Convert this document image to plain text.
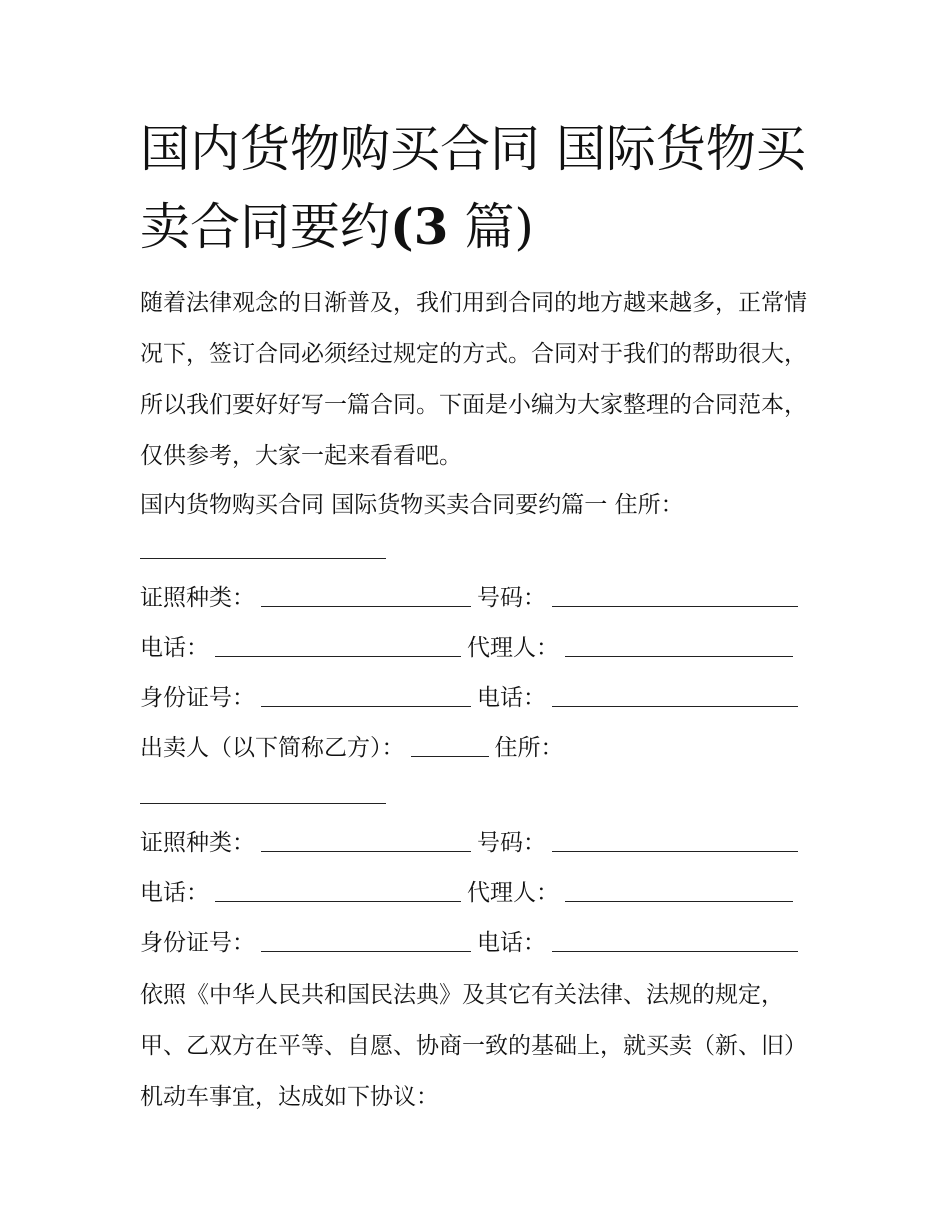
国内货物购买合同 国际货物买卖合同要约(3 篇)

随着法律观念的日渐普及，我们用到合同的地方越来越多，正常情况下，签订合同必须经过规定的方式。合同对于我们的帮助很大，所以我们要好好写一篇合同。下面是小编为大家整理的合同范本，仅供参考，大家一起来看看吧。

国内货物购买合同 国际货物买卖合同要约篇一 住所：
证照种类：	号码：
电话：	代理人：
身份证号：	电话：
出卖人（以下简称乙方）：	住所：
证照种类：	号码：
电话：	代理人：
身份证号：	电话：

依照《中华人民共和国民法典》及其它有关法律、法规的规定，甲、乙双方在平等、自愿、协商一致的基础上，就买卖（新、旧）机动车事宜，达成如下协议：
